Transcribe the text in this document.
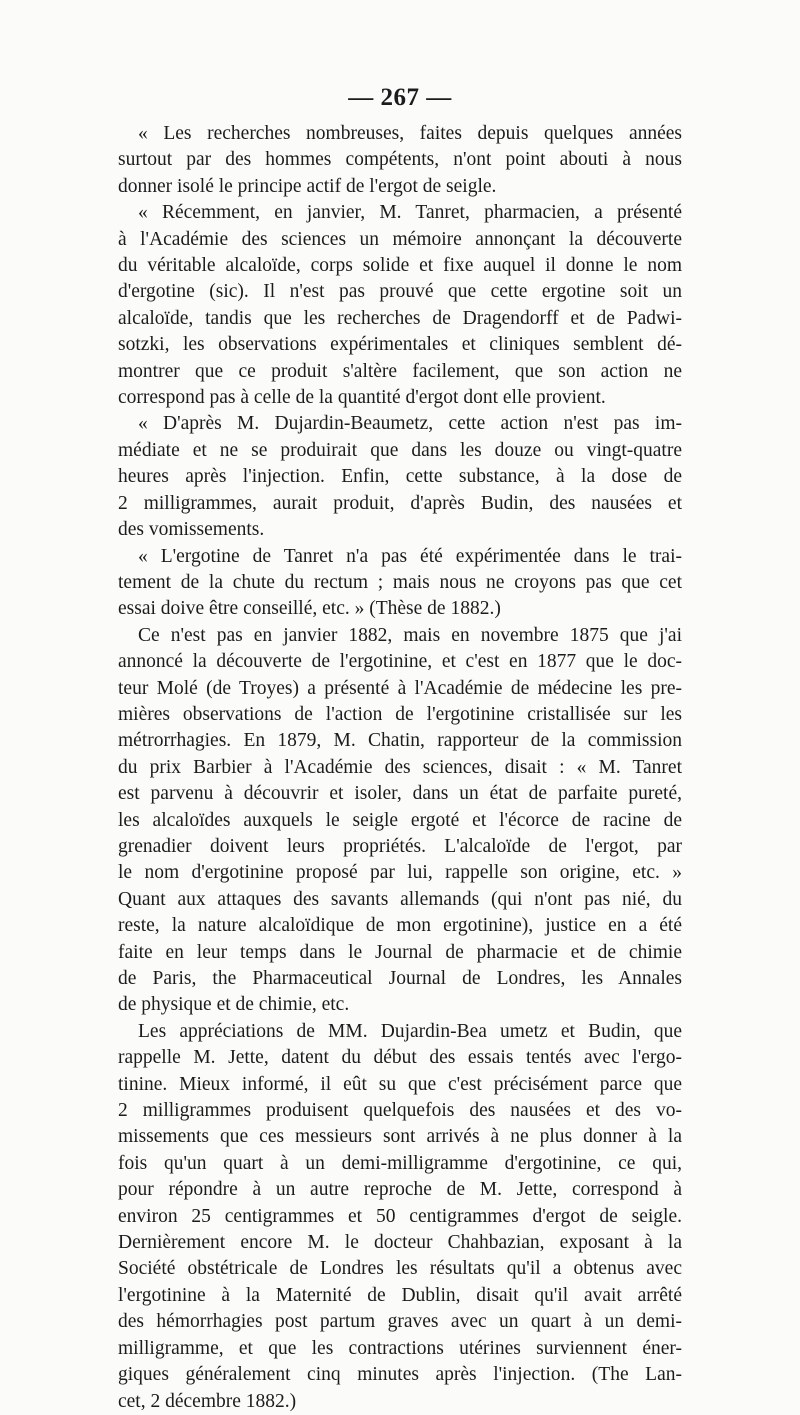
— 267 —
« Les recherches nombreuses, faites depuis quelques années
surtout par des hommes compétents, n'ont point abouti à nous
donner isolé le principe actif de l'ergot de seigle.
« Récemment, en janvier, M. Tanret, pharmacien, a présenté
à l'Académie des sciences un mémoire annonçant la découverte
du véritable alcaloïde, corps solide et fixe auquel il donne le nom
d'ergotine (sic). Il n'est pas prouvé que cette ergotine soit un
alcaloïde, tandis que les recherches de Dragendorff et de Padwi-
sotzki, les observations expérimentales et cliniques semblent dé-
montrer que ce produit s'altère facilement, que son action ne
correspond pas à celle de la quantité d'ergot dont elle provient.
« D'après M. Dujardin-Beaumetz, cette action n'est pas im-
médiate et ne se produirait que dans les douze ou vingt-quatre
heures après l'injection. Enfin, cette substance, à la dose de
2 milligrammes, aurait produit, d'après Budin, des nausées et
des vomissements.
« L'ergotine de Tanret n'a pas été expérimentée dans le trai-
tement de la chute du rectum ; mais nous ne croyons pas que cet
essai doive être conseillé, etc. » (Thèse de 1882.)
Ce n'est pas en janvier 1882, mais en novembre 1875 que j'ai
annoncé la découverte de l'ergotinine, et c'est en 1877 que le doc-
teur Molé (de Troyes) a présenté à l'Académie de médecine les pre-
mières observations de l'action de l'ergotinine cristallisée sur les
métrorrhagies. En 1879, M. Chatin, rapporteur de la commission
du prix Barbier à l'Académie des sciences, disait : « M. Tanret
est parvenu à découvrir et isoler, dans un état de parfaite pureté,
les alcaloïdes auxquels le seigle ergoté et l'écorce de racine de
grenadier doivent leurs propriétés. L'alcaloïde de l'ergot, par
le nom d'ergotinine proposé par lui, rappelle son origine, etc. »
Quant aux attaques des savants allemands (qui n'ont pas nié, du
reste, la nature alcaloïdique de mon ergotinine), justice en a été
faite en leur temps dans le Journal de pharmacie et de chimie
de Paris, the Pharmaceutical Journal de Londres, les Annales
de physique et de chimie, etc.
Les appréciations de MM. Dujardin-Bea umetz et Budin, que
rappelle M. Jette, datent du début des essais tentés avec l'ergo-
tinine. Mieux informé, il eût su que c'est précisément parce que
2 milligrammes produisent quelquefois des nausées et des vo-
missements que ces messieurs sont arrivés à ne plus donner à la
fois qu'un quart à un demi-milligramme d'ergotinine, ce qui,
pour répondre à un autre reproche de M. Jette, correspond à
environ 25 centigrammes et 50 centigrammes d'ergot de seigle.
Dernièrement encore M. le docteur Chahbazian, exposant à la
Société obstétricale de Londres les résultats qu'il a obtenus avec
l'ergotinine à la Maternité de Dublin, disait qu'il avait arrêté
des hémorrhagies post partum graves avec un quart à un demi-
milligramme, et que les contractions utérines surviennent éner-
giques généralement cinq minutes après l'injection. (The Lan-
cet, 2 décembre 1882.)
